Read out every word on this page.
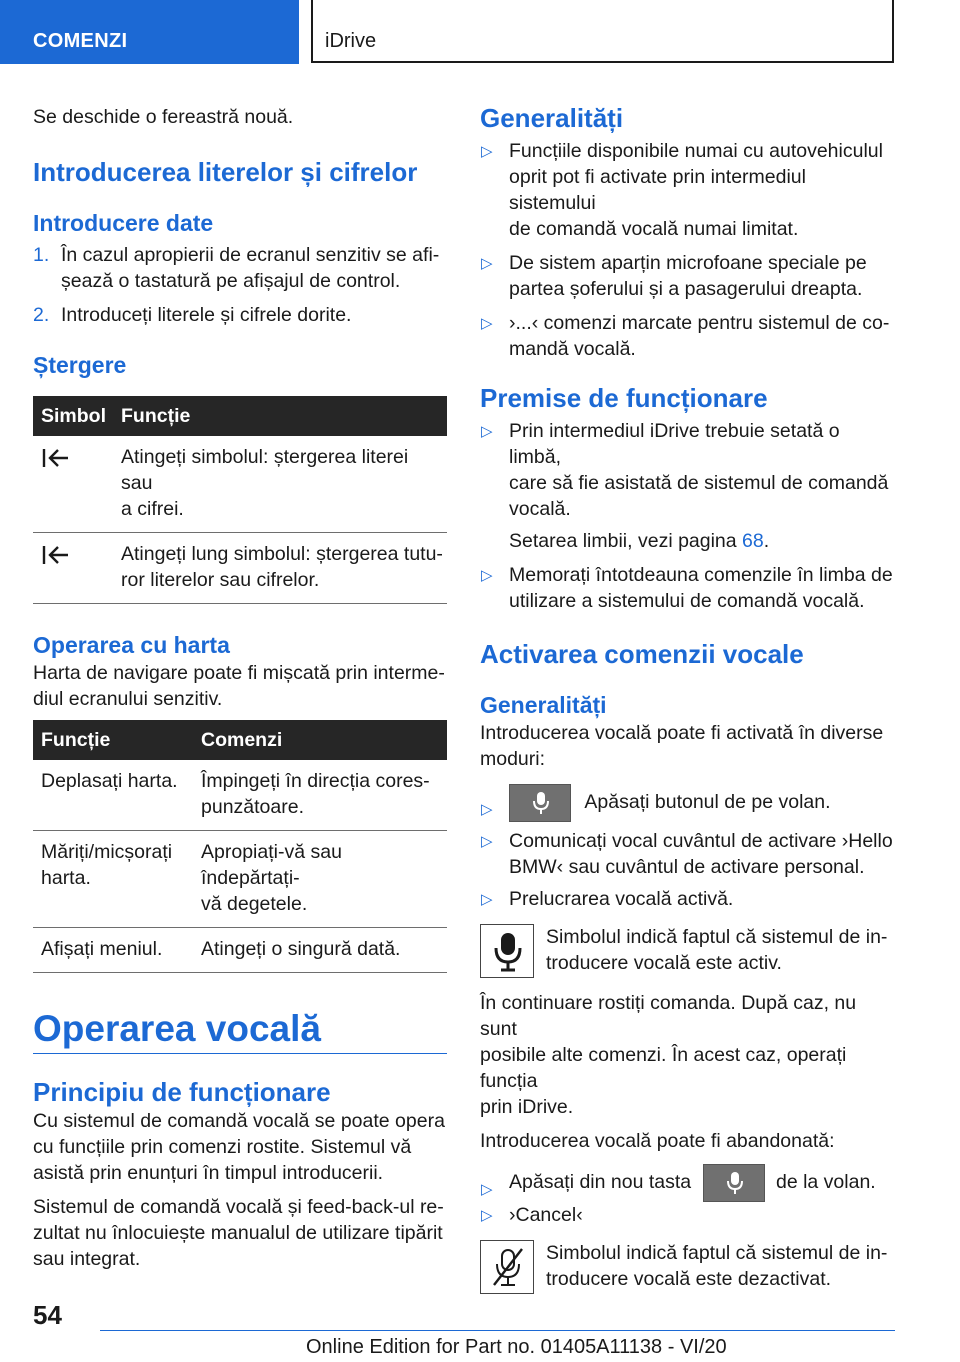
COMENZI	iDrive

Se deschide o fereastră nouă.

Introducerea literelor și cifrelor
Introducere date
1. În cazul apropierii de ecranul senzitiv se afi‐
șează o tastatură pe afișajul de control.
2. Introduceți literele și cifrele dorite.
Ștergere
Simbol	Funcție
	Atingeți simbolul: ștergerea literei sau
a cifrei.
	Atingeți lung simbolul: ștergerea tutu‐
ror literelor sau cifrelor.
Operarea cu harta

Harta de navigare poate fi mișcată prin interme‐
diul ecranului senzitiv.

Funcție	Comenzi
Deplasați harta.	Împingeți în direcția cores‐
punzătoare.
Măriți/micșorați
harta.	Apropiați-vă sau îndepărtați-
vă degetele.
Afișați meniul.	Atingeți o singură dată.
Operarea vocală
Principiu de funcționare

Cu sistemul de comandă vocală se poate opera
cu funcțiile prin comenzi rostite. Sistemul vă
asistă prin enunțuri în timpul introducerii.

Sistemul de comandă vocală și feed-back-ul re‐
zultat nu înlocuiește manualul de utilizare tipărit
sau integrat.

Generalități
▷ Funcțiile disponibile numai cu autovehiculul
oprit pot fi activate prin intermediul sistemului
de comandă vocală numai limitat.
▷ De sistem aparțin microfoane speciale pe
partea șoferului și a pasagerului dreapta.
▷ ›...‹ comenzi marcate pentru sistemul de co‐
mandă vocală.
Premise de funcționare
▷ Prin intermediul iDrive trebuie setată o limbă,
care să fie asistată de sistemul de comandă
vocală.
Setarea limbii, vezi pagina 68.
▷ Memorați întotdeauna comenzile în limba de
utilizare a sistemului de comandă vocală.
Activarea comenzii vocale
Generalități

Introducerea vocală poate fi activată în diverse
moduri:

▷	Apăsați butonul de pe volan.
▷ Comunicați vocal cuvântul de activare ›Hello
BMW‹ sau cuvântul de activare personal.
▷ Prelucrarea vocală activă.

Simbolul indică faptul că sistemul de in‐
troducere vocală este activ.

În continuare rostiți comanda. După caz, nu sunt
posibile alte comenzi. În acest caz, operați funcția
prin iDrive.

Introducerea vocală poate fi abandonată:

▷ Apăsați din nou tasta	de la volan.
▷ ›Cancel‹

Simbolul indică faptul că sistemul de in‐
troducere vocală este dezactivat.

54
Online Edition for Part no. 01405A11138 - VI/20
